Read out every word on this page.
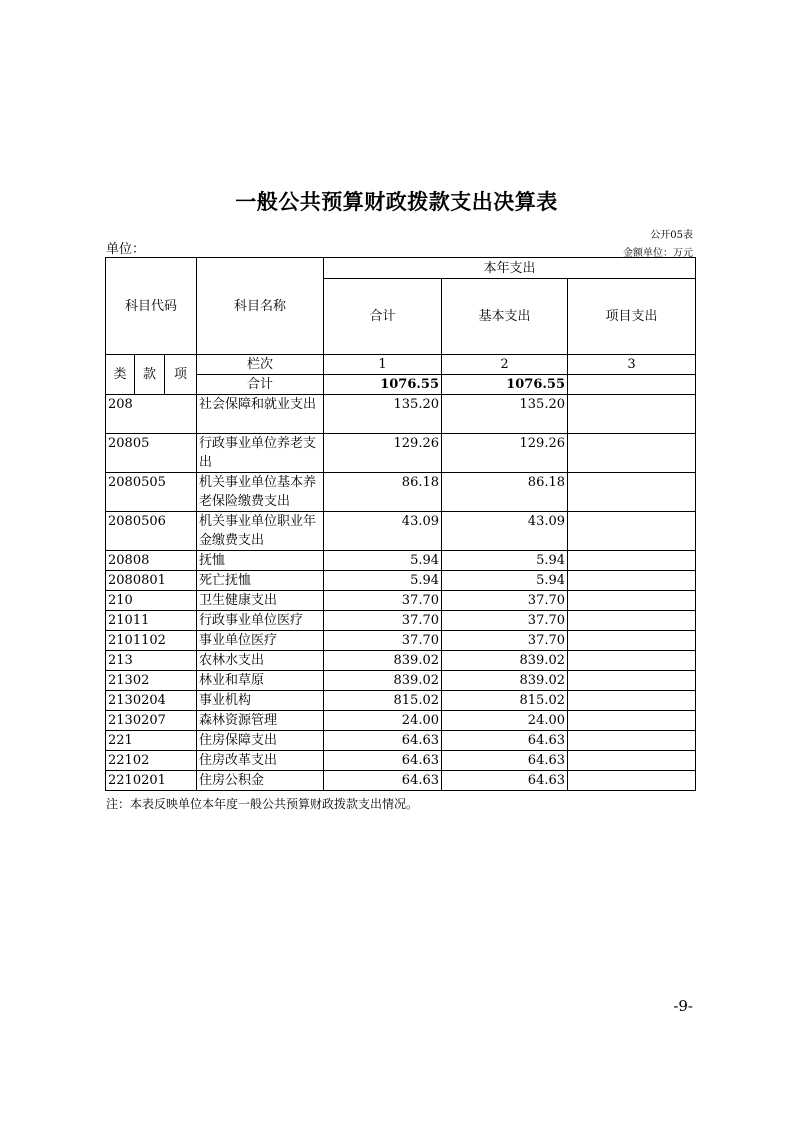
一般公共预算财政拨款支出决算表
公开05表
单位：	金额单位：万元
科目代码			科目名称	本年支出		
				合计	基本支出	项目支出
类	款	项	栏次	1	2	3
			合计	1076.55	1076.55	
208			社会保障和就业支出	135.20	135.20	
20805			行政事业单位养老支出	129.26	129.26	
2080505			机关事业单位基本养老保险缴费支出	86.18	86.18	
2080506			机关事业单位职业年金缴费支出	43.09	43.09	
20808			抚恤	5.94	5.94	
2080801			死亡抚恤	5.94	5.94	
210			卫生健康支出	37.70	37.70	
21011			行政事业单位医疗	37.70	37.70	
2101102			事业单位医疗	37.70	37.70	
213			农林水支出	839.02	839.02	
21302			林业和草原	839.02	839.02	
2130204			事业机构	815.02	815.02	
2130207			森林资源管理	24.00	24.00	
221			住房保障支出	64.63	64.63	
22102			住房改革支出	64.63	64.63	
2210201			住房公积金	64.63	64.63	
注：本表反映单位本年度一般公共预算财政拨款支出情况。
-9-
